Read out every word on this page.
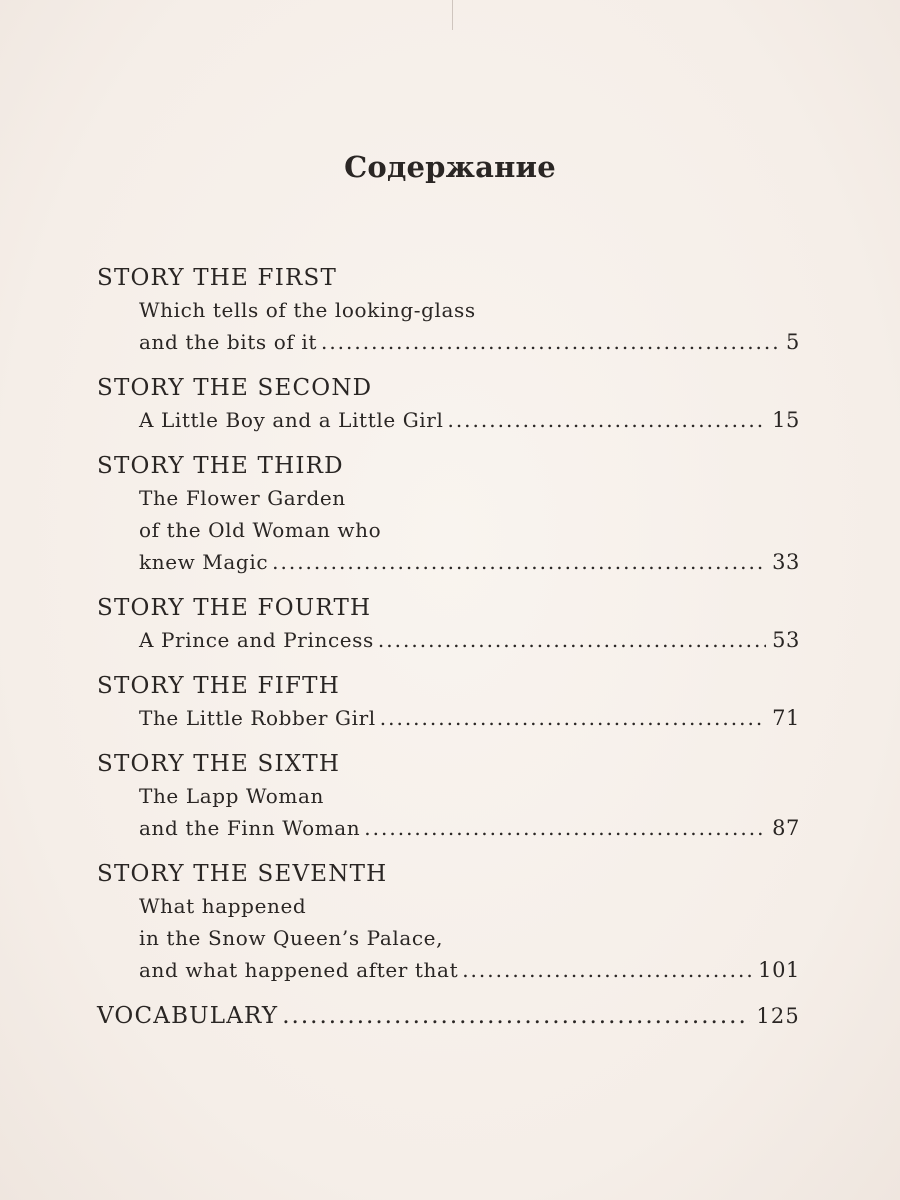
Содержание
STORY THE FIRST
Which tells of the looking-glass
and the bits of it .....	5
STORY THE SECOND
A Little Boy and a Little Girl .....	15
STORY THE THIRD
The Flower Garden
of the Old Woman who
knew Magic .....	33
STORY THE FOURTH
A Prince and Princess .....	53
STORY THE FIFTH
The Little Robber Girl .....	71
STORY THE SIXTH
The Lapp Woman
and the Finn Woman .....	87
STORY THE SEVENTH
What happened
in the Snow Queen’s Palace,
and what happened after that .....	101
VOCABULARY .....	125
